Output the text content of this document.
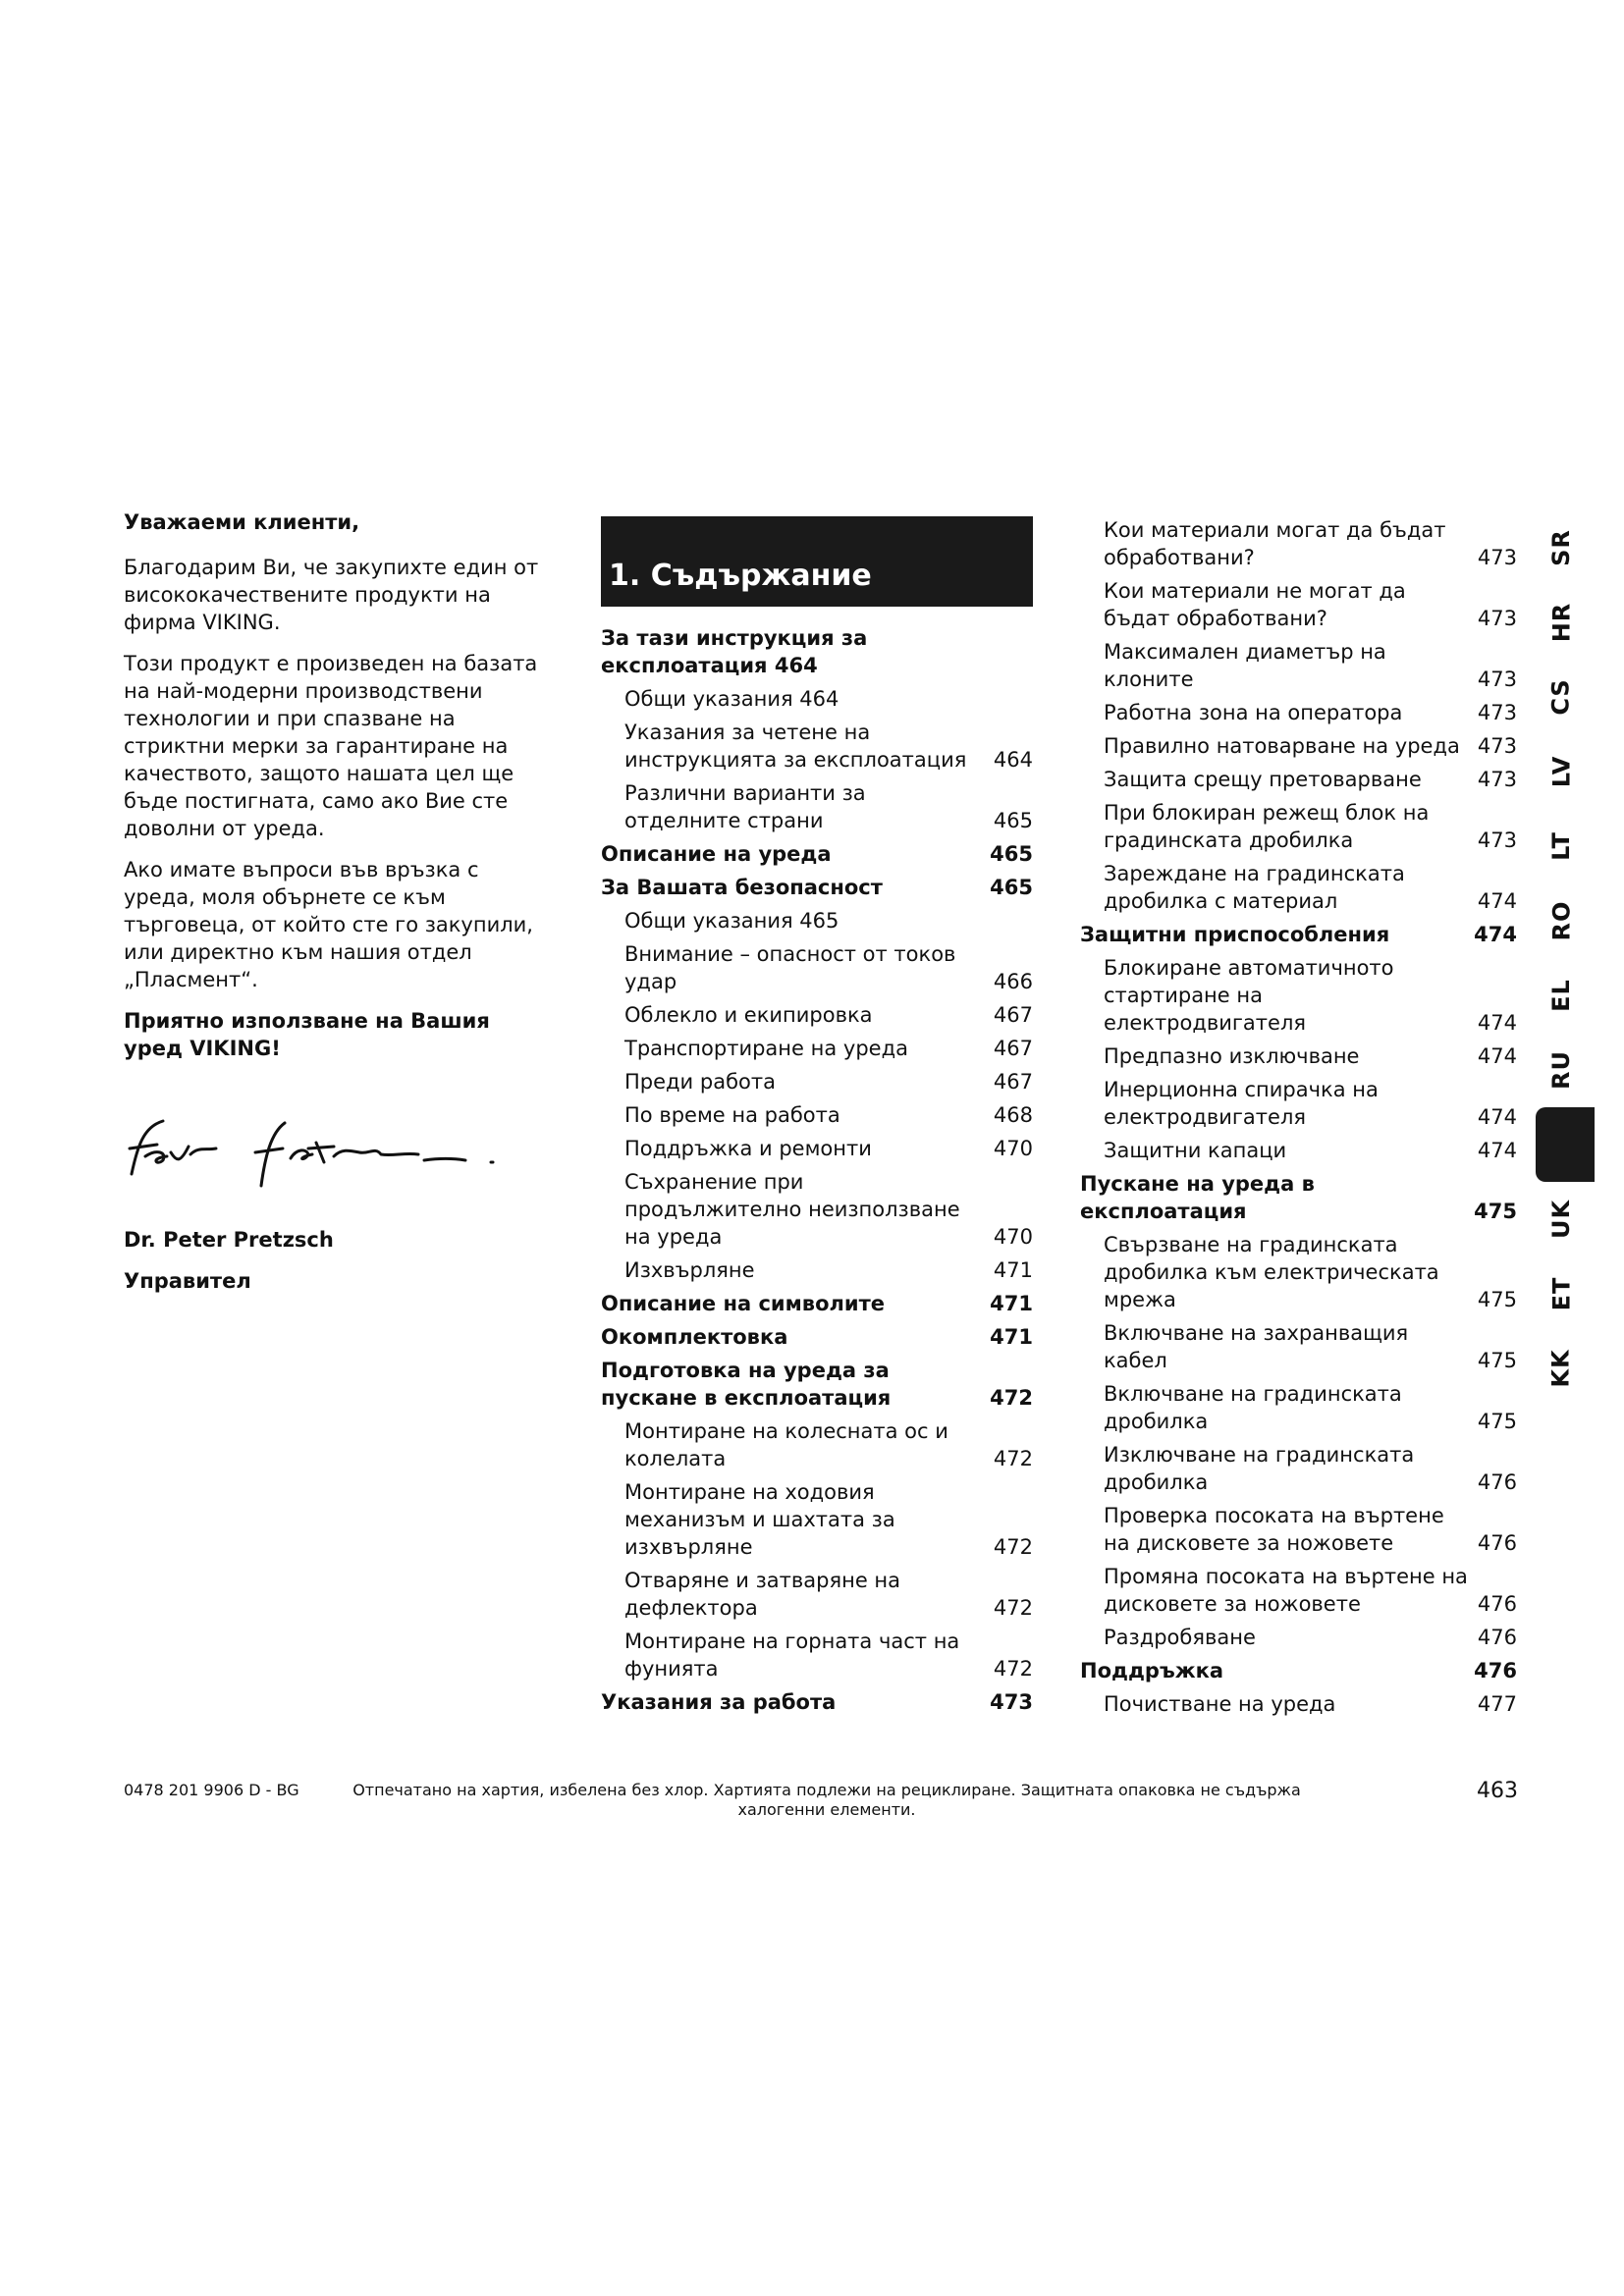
Уважаеми клиенти,

Благодарим Ви, че закупихте един от висококачествените продукти на фирма VIKING.

Този продукт е произведен на базата на най-модерни производствени технологии и при спазване на стриктни мерки за гарантиране на качеството, защото нашата цел ще бъде постигната, само ако Вие сте доволни от уреда.

Ако имате въпроси във връзка с уреда, моля обърнете се към търговеца, от който сте го закупили, или директно към нашия отдел „Пласмент“.

Приятно използване на Вашия уред VIKING!

Dr. Peter Pretzsch

Управител

1. Съдържание
За тази инструкция за експлоатация 464
Общи указания 464
Указания за четене на инструкцията за експлоатация	464
Различни варианти за отделните страни	465
Описание на уреда	465
За Вашата безопасност	465
Общи указания 465
Внимание – опасност от токов удар	466
Облекло и екипировка	467
Транспортиране на уреда	467
Преди работа	467
По време на работа	468
Поддръжка и ремонти	470
Съхранение при продължително неизползване на уреда	470
Изхвърляне	471
Описание на символите	471
Окомплектовка	471
Подготовка на уреда за пускане в експлоатация	472
Монтиране на колесната ос и колелата	472
Монтиране на ходовия механизъм и шахтата за изхвърляне	472
Отваряне и затваряне на дефлектора	472
Монтиране на горната част на фунията	472
Указания за работа	473
Кои материали могат да бъдат обработвани?	473
Кои материали не могат да бъдат обработвани?	473
Максимален диаметър на клоните	473
Работна зона на оператора	473
Правилно натоварване на уреда 473
Защита срещу претоварване	473
При блокиран режещ блок на градинската дробилка	473
Зареждане на градинската дробилка с материал	474
Защитни приспособления	474
Блокиране автоматичното стартиране на електродвигателя	474
Предпазно изключване	474
Инерционна спирачка на електродвигателя	474
Защитни капаци	474
Пускане на уреда в експлоатация	475
Свързване на градинската дробилка към електрическата мрежа	475
Включване на захранващия кабел	475
Включване на градинската дробилка	475
Изключване на градинската дробилка	476
Проверка посоката на въртене на дисковете за ножовете	476
Промяна посоката на въртене на дисковете за ножовете	476
Раздробяване	476
Поддръжка	476
Почистване на уреда	477
SR
HR
CS
LV
LT
RO
EL
RU
UK
ET
KK
0478 201 9906 D - BG	Отпечатано на хартия, избелена без хлор. Хартията подлежи на рециклиране. Защитната опаковка не съдържа халогенни елементи.
463
